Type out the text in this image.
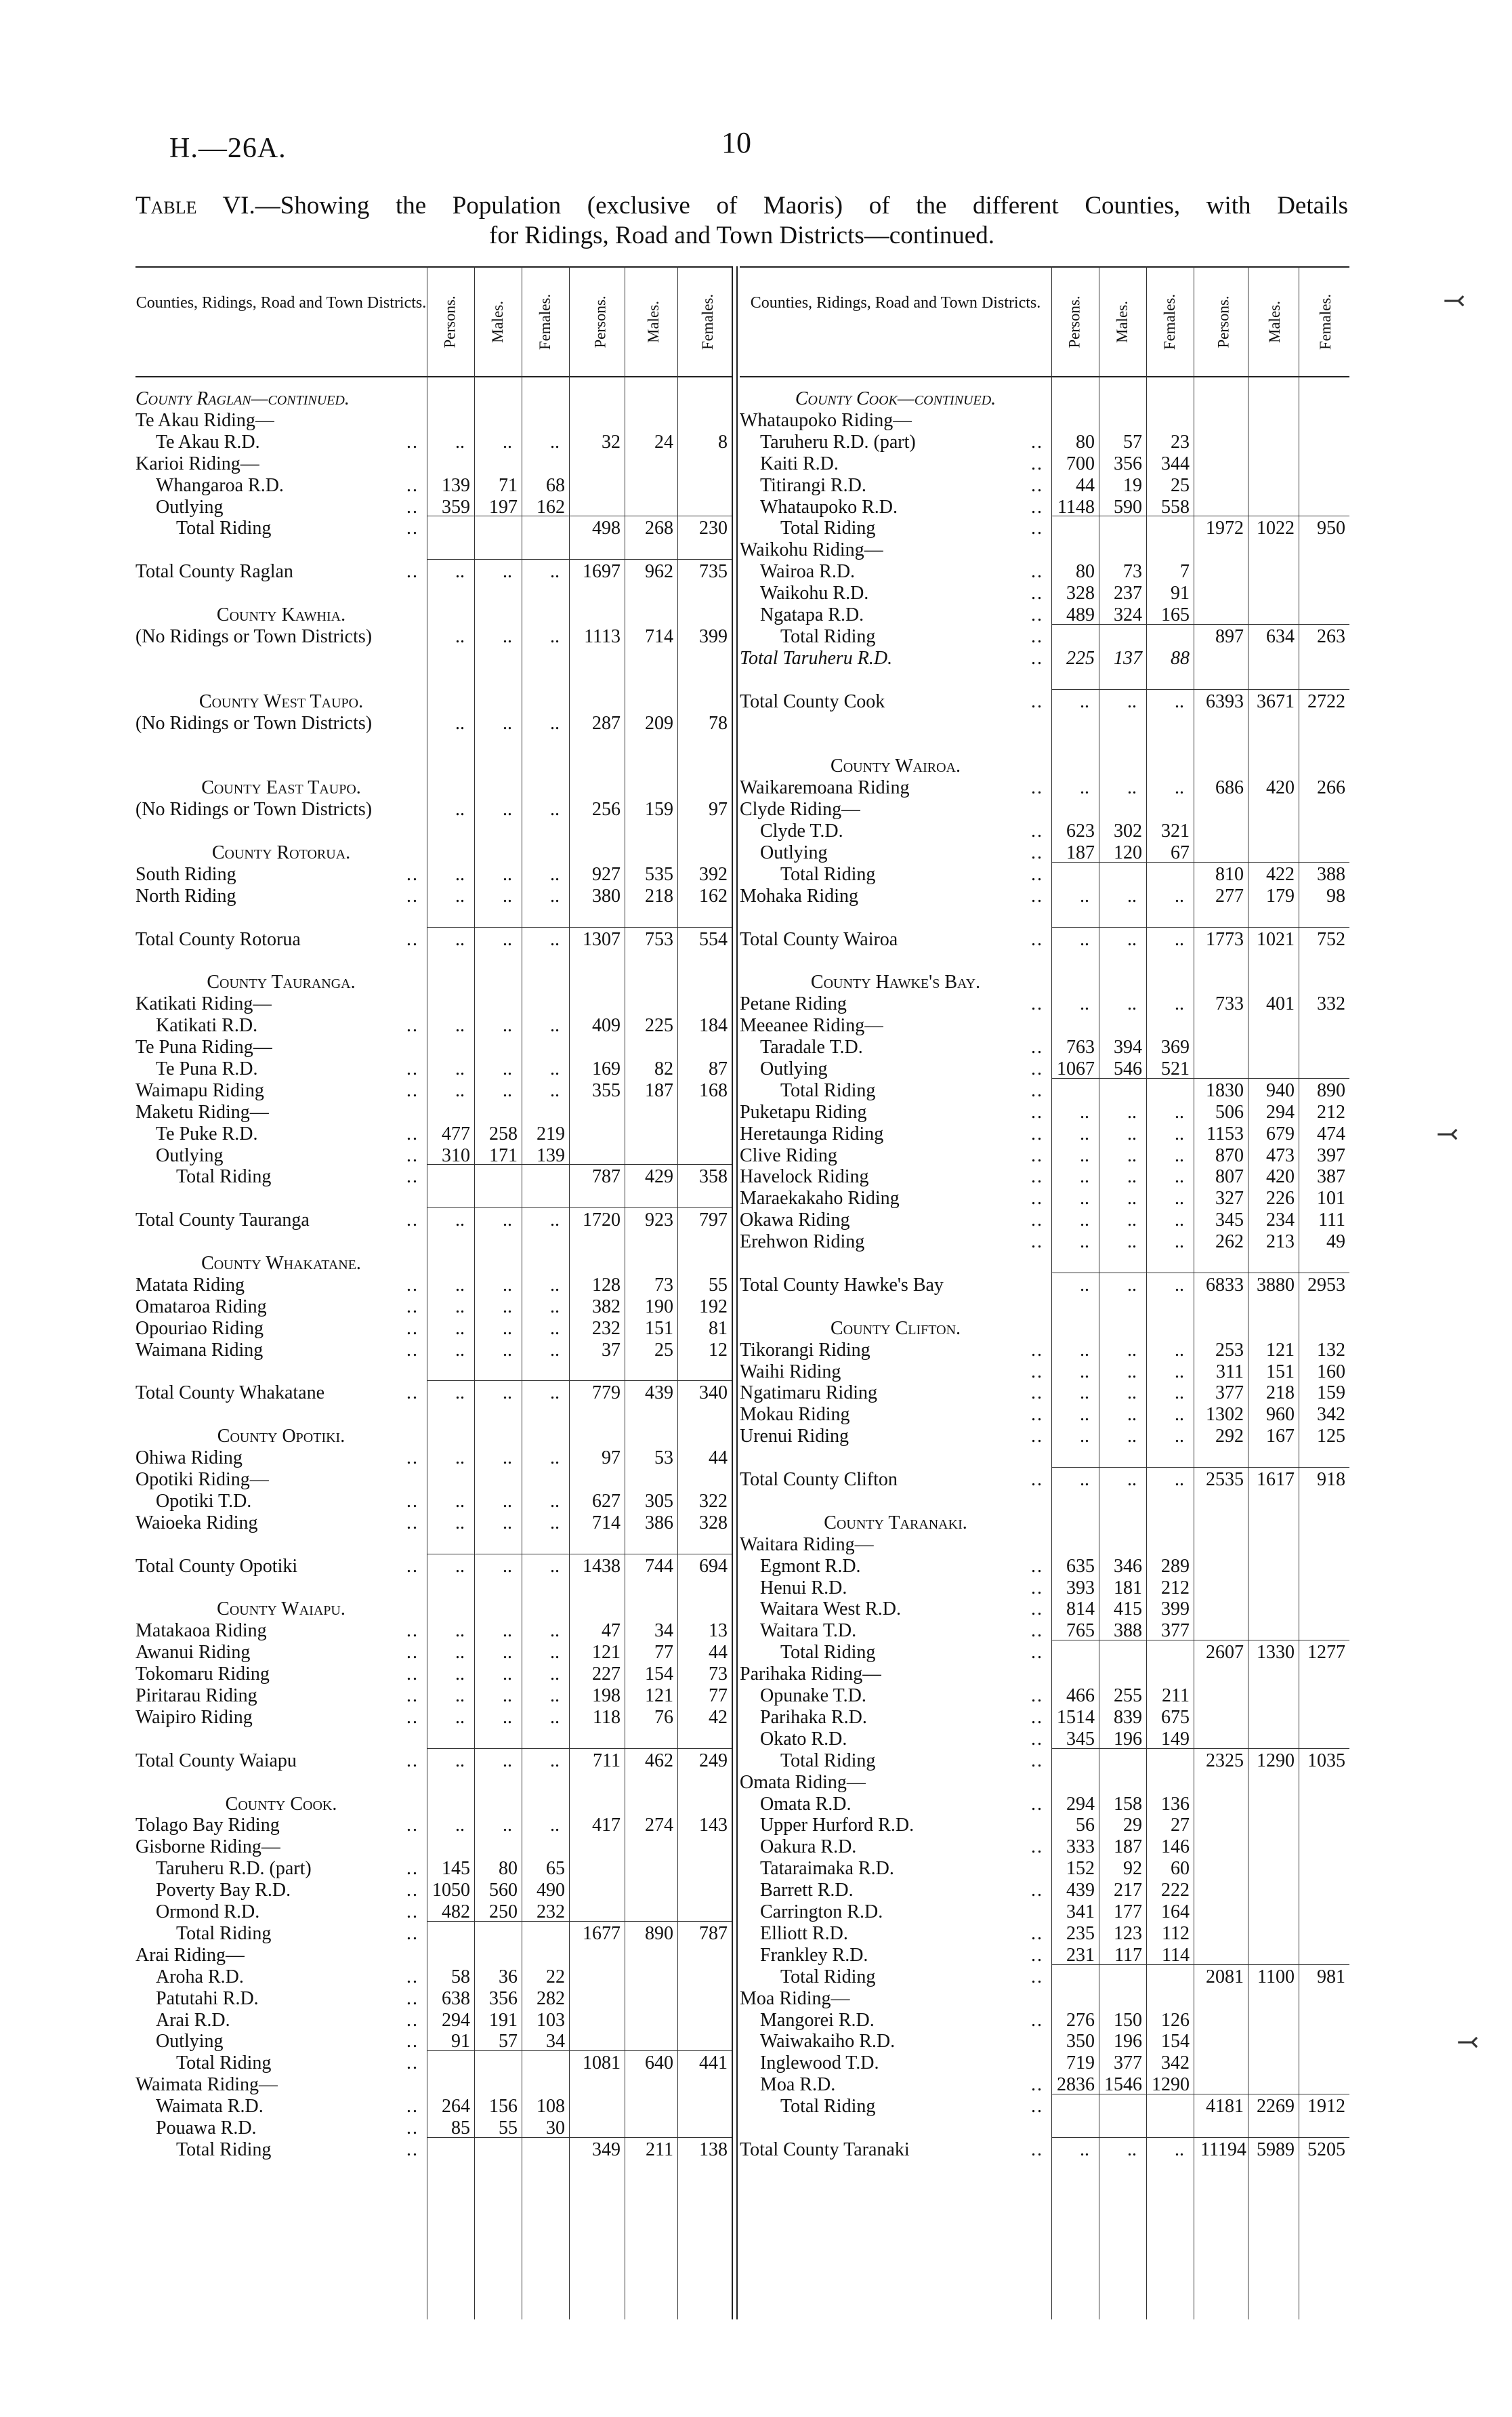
H.—26A.	10
Table VI.—Showing the Population (exclusive of Maoris) of the different Counties, with Details
for Ridings, Road and Town Districts—continued.
Counties, Ridings, Road and Town Districts. Persons. Males. Females. Persons. Males. Females.
County Raglan—continued.
Te Akau Riding—
Te Akau R.D.	..	..	..	..	32	24	8
Karioi Riding—
Whangaroa R.D.	..	139	71	68
Outlying	..	359	197	162
Total Riding	..	498	268	230
Total County Raglan	..	..	..	.. 1697	962	735
County Kawhia.
(No Ridings or Town Districts)	..	..	..	1113	714	399
County West Taupo.
(No Ridings or Town Districts)	..	..	..	287	209	78
County East Taupo.
(No Ridings or Town Districts)	..	..	..	256	159	97
County Rotorua.
South Riding	..	..	..	..	927	535	392
North Riding	..	..	..	..	380	218	162
Total County Rotorua	..	..	..	.. 1307	753	554
County Tauranga.
Katikati Riding—
Katikati R.D.	..	..	..	..	409	225	184
Te Puna Riding—
Te Puna R.D.	..	..	..	..	169	82	87
Waimapu Riding	..	..	..	..	355	187	168
Maketu Riding—
Te Puke R.D.	..	477	258	219
Outlying	..	310	171	139
Total Riding	..	787	429	358
Total County Tauranga	..	..	..	.. 1720	923	797
County Whakatane.
Matata Riding	..	..	..	..	128	73	55
Omataroa Riding	..	..	..	..	382	190	192
Opouriao Riding	..	..	..	..	232	151	81
Waimana Riding	..	..	..	..	37	25	12
Total County Whakatane	..	..	..	..	779	439	340
County Opotiki.
Ohiwa Riding	..	..	..	..	97	53	44
Opotiki Riding—
Opotiki T.D.	..	..	..	..	627	305	322
Waioeka Riding	..	..	..	..	714	386	328
Total County Opotiki	..	..	..	.. 1438	744	694
County Waiapu.
Matakaoa Riding	..	..	..	..	47	34	13
Awanui Riding	..	..	..	..	121	77	44
Tokomaru Riding	..	..	..	..	227	154	73
Piritarau Riding	..	..	..	..	198	121	77
Waipiro Riding	..	..	..	..	118	76	42
Total County Waiapu	..	..	..	..	711	462	249
County Cook.
Tolago Bay Riding	..	..	..	..	417	274	143
Gisborne Riding—
Taruheru R.D. (part)	..	145	80	65
Poverty Bay R.D.	.. 1050	560	490
Ormond R.D.	..	482	250	232
Total Riding	..	1677	890	787
Arai Riding—
Aroha R.D.	..	58	36	22
Patutahi R.D.	..	638	356	282
Arai R.D.	..	294	191	103
Outlying	..	91	57	34
Total Riding	..	1081	640	441
Waimata Riding—
Waimata R.D.	..	264	156	108
Pouawa R.D.	..	85	55	30
Total Riding	..	349	211	138
Counties, Ridings, Road and Town Districts.	Persons. Males. Females. Persons. Males. Females.
County Cook—continued.
Whataupoko Riding—
Taruheru R.D. (part)	..	80	57	23
Kaiti R.D.	..	700	356	344
Titirangi R.D.	..	44	19	25
Whataupoko R.D.	.. 1148	590	558
Total Riding	..	1972 1022	950
Waikohu Riding—
Wairoa R.D.	..	80	73	7
Waikohu R.D.	..	328	237	91
Ngatapa R.D.	..	489	324	165
Total Riding	..	897	634	263
Total Taruheru R.D.	..	225	137	88
Total County Cook	..	..	..	.. 6393 3671 2722
County Wairoa.
Waikaremoana Riding	..	..	..	..	686	420	266
Clyde Riding—
Clyde T.D.	..	623	302	321
Outlying	..	187	120	67
Total Riding	..	810	422	388
Mohaka Riding	..	..	..	..	277	179	98
Total County Wairoa	..	..	..	.. 1773 1021	752
County Hawke's Bay.
Petane Riding	..	..	..	..	733	401	332
Meeanee Riding—
Taradale T.D.	..	763	394	369
Outlying	.. 1067	546	521
Total Riding	..	1830	940	890
Puketapu Riding	..	..	..	..	506	294	212
Heretaunga Riding	..	..	..	..	1153	679	474
Clive Riding	..	..	..	..	870	473	397
Havelock Riding	..	..	..	..	807	420	387
Maraekakaho Riding	..	..	..	..	327	226	101
Okawa Riding	..	..	..	..	345	234	111
Erehwon Riding	..	..	..	..	262	213	49
Total County Hawke's Bay	..	..	.. 6833 3880 2953
County Clifton.
Tikorangi Riding	..	..	..	..	253	121	132
Waihi Riding	..	..	..	..	311	151	160
Ngatimaru Riding	..	..	..	..	377	218	159
Mokau Riding	..	..	..	.. 1302	960	342
Urenui Riding	..	..	..	..	292	167	125
Total County Clifton	..	..	..	.. 2535 1617	918
County Taranaki.
Waitara Riding—
Egmont R.D.	..	635	346	289
Henui R.D.	..	393	181	212
Waitara West R.D.	..	814	415	399
Waitara T.D.	..	765	388	377
Total Riding	..	2607 1330 1277
Parihaka Riding—
Opunake T.D.	..	466	255	211
Parihaka R.D.	.. 1514	839	675
Okato R.D.	..	345	196	149
Total Riding	..	2325 1290 1035
Omata Riding—
Omata R.D.	..	294	158	136
Upper Hurford R.D.	56	29	27
Oakura R.D.	..	333	187	146
Tataraimaka R.D.	152	92	60
Barrett R.D.	..	439	217	222
Carrington R.D.	341	177	164
Elliott R.D.	..	235	123	112
Frankley R.D.	..	231	117	114
Total Riding	..	2081 1100	981
Moa Riding—
Mangorei R.D.	..	276	150	126
Waiwakaiho R.D.	350	196	154
Inglewood T.D.	719	377	342
Moa R.D.	.. 2836 1546 1290
Total Riding	..	4181 2269 1912
Total County Taranaki	..	..	..	.. 11194 5989 5205
⤙
⤙
⤙
